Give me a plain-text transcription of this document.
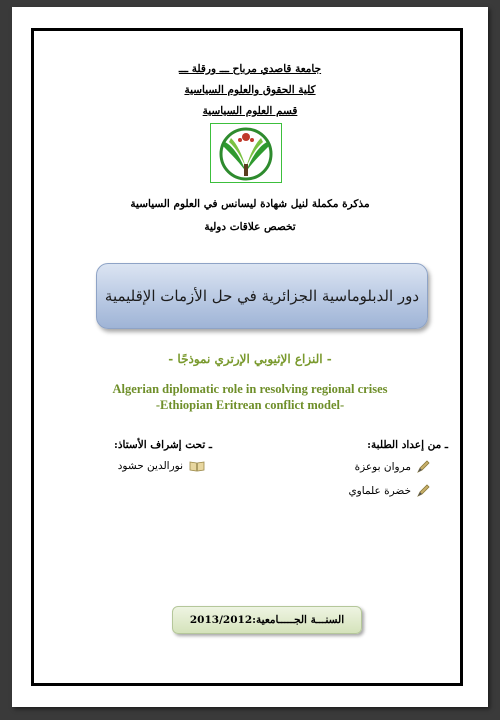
جامعة قاصدي مرباح ـــ ورقلة ـــ
كلية الحقوق والعلوم السياسية
قسم العلوم السياسية
مذكرة مكملة لنيل شهادة ليسانس في العلوم السياسية
تخصص علاقات دولية
دور الدبلوماسية الجزائرية في حل الأزمات الإقليمية
- النزاع الإثيوبي الإرتري نموذجًا -
Algerian diplomatic role in resolving regional crises
-Ethiopian Eritrean conflict model-
ـ من إعداد الطلبة:
ـ تحت إشراف الأستاذ:
مروان بوعزة
خضرة علماوي
نورالدين حشود
السنـــة الجـــــامعية:2013/2012
